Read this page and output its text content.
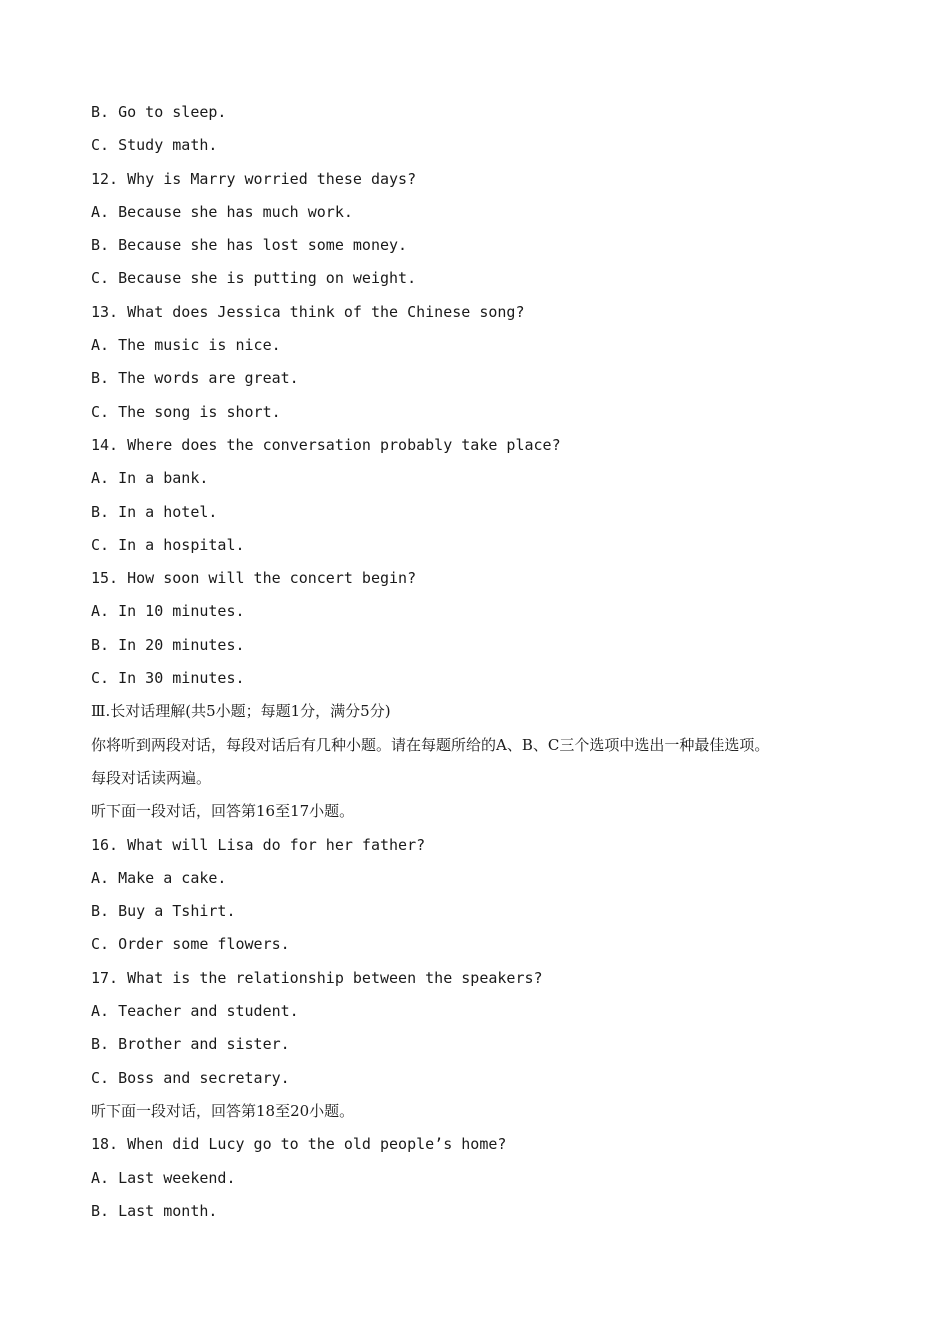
B. Go to sleep.
C. Study math.
12. Why is Marry worried these days?
A. Because she has much work.
B. Because she has lost some money.
C. Because she is putting on weight.
13. What does Jessica think of the Chinese song?
A. The music is nice.
B. The words are great.
C. The song is short.
14. Where does the conversation probably take place?
A. In a bank.
B. In a hotel.
C. In a hospital.
15. How soon will the concert begin?
A. In 10 minutes.
B. In 20 minutes.
C. In 30 minutes.
Ⅲ.长对话理解(共5小题；每题1分，满分5分)
你将听到两段对话，每段对话后有几种小题。请在每题所给的A、B、C三个选项中选出一种最佳选项。
每段对话读两遍。
听下面一段对话，回答第16至17小题。
16. What will Lisa do for her father?
A. Make a cake.
B. Buy a Tshirt.
C. Order some flowers.
17. What is the relationship between the speakers?
A. Teacher and student.
B. Brother and sister.
C. Boss and secretary.
听下面一段对话，回答第18至20小题。
18. When did Lucy go to the old people’s home?
A. Last weekend.
B. Last month.
